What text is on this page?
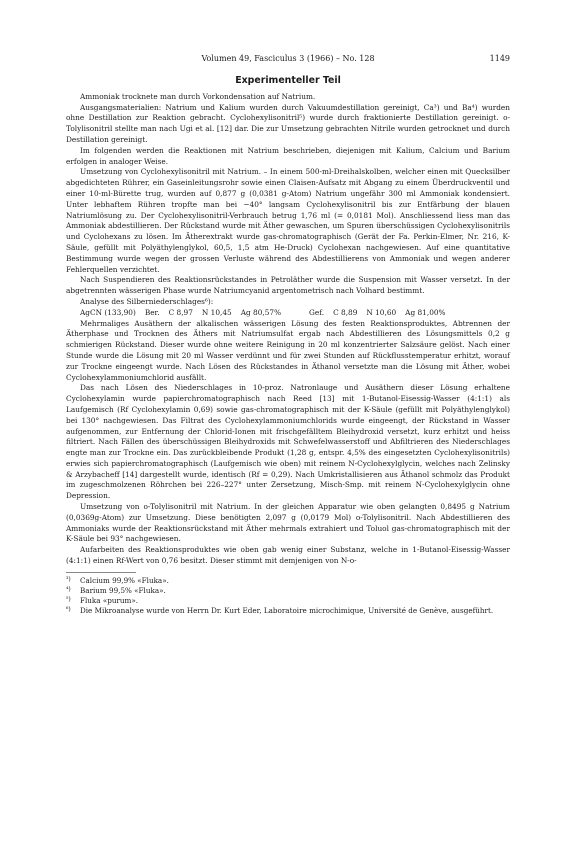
Volumen 49, Fasciculus 3 (1966) – No. 128	1149
Experimenteller Teil

Ammoniak trocknete man durch Vorkondensation auf Natrium.

Ausgangsmaterialien: Natrium und Kalium wurden durch Vakuumdestillation gereinigt, Ca³) und Ba⁴) wurden ohne Destillation zur Reaktion gebracht. Cyclohexylisonitril⁵) wurde durch fraktionierte Destillation gereinigt. o-Tolylisonitril stellte man nach Ugi et al. [12] dar. Die zur Umsetzung gebrachten Nitrile wurden getrocknet und durch Destillation gereinigt.

Im folgenden werden die Reaktionen mit Natrium beschrieben, diejenigen mit Kalium, Calcium und Barium erfolgen in analoger Weise.

Umsetzung von Cyclohexylisonitril mit Natrium. – In einem 500-ml-Dreihalskolben, welcher einen mit Quecksilber abgedichteten Rührer, ein Gaseinleitungsrohr sowie einen Claisen-Aufsatz mit Abgang zu einem Überdruckventil und einer 10-ml-Bürette trug, wurden auf 0,877 g (0,0381 g-Atom) Natrium ungefähr 300 ml Ammoniak kondensiert. Unter lebhaftem Rühren tropfte man bei −40° langsam Cyclohexylisonitril bis zur Entfärbung der blauen Natriumlösung zu. Der Cyclohexylisonitril-Verbrauch betrug 1,76 ml (= 0,0181 Mol). Anschliessend liess man das Ammoniak abdestillieren. Der Rückstand wurde mit Äther gewaschen, um Spuren überschüssigen Cyclohexylisonitrils und Cyclohexans zu lösen. Im Ätherextrakt wurde gas-chromatographisch (Gerät der Fa. Perkin-Elmer, Nr. 216, K-Säule, gefüllt mit Polyäthylenglykol, 60,5, 1,5 atm He-Druck) Cyclohexan nachgewiesen. Auf eine quantitative Bestimmung wurde wegen der grossen Verluste während des Abdestillierens von Ammoniak und wegen anderer Fehlerquellen verzichtet.

Nach Suspendieren des Reaktionsrückstandes in Petroläther wurde die Suspension mit Wasser versetzt. In der abgetrennten wässerigen Phase wurde Natriumcyanid argentometrisch nach Volhard bestimmt.

Analyse des Silberniederschlages⁶):

AgCN (133,90) Ber. C 8,97 N 10,45 Ag 80,57%	Gef. C 8,89 N 10,60 Ag 81,00%

Mehrmaliges Ausäthern der alkalischen wässerigen Lösung des festen Reaktionsproduktes, Abtrennen der Ätherphase und Trocknen des Äthers mit Natriumsulfat ergab nach Abdestillieren des Lösungsmittels 0,2 g schmierigen Rückstand. Dieser wurde ohne weitere Reinigung in 20 ml konzentrierter Salzsäure gelöst. Nach einer Stunde wurde die Lösung mit 20 ml Wasser verdünnt und für zwei Stunden auf Rückflusstemperatur erhitzt, worauf zur Trockne eingeengt wurde. Nach Lösen des Rückstandes in Äthanol versetzte man die Lösung mit Äther, wobei Cyclohexylammoniumchlorid ausfällt.

Das nach Lösen des Niederschlages in 10-proz. Natronlauge und Ausäthern dieser Lösung erhaltene Cyclohexylamin wurde papierchromatographisch nach Reed [13] mit 1-Butanol-Eisessig-Wasser (4:1:1) als Laufgemisch (Rf Cyclohexylamin 0,69) sowie gas-chromatographisch mit der K-Säule (gefüllt mit Polyäthylenglykol) bei 130° nachgewiesen. Das Filtrat des Cyclohexylammoniumchlorids wurde eingeengt, der Rückstand in Wasser aufgenommen, zur Entfernung der Chlorid-Ionen mit frischgefälltem Bleihydroxid versetzt, kurz erhitzt und heiss filtriert. Nach Fällen des überschüssigen Bleihydroxids mit Schwefelwasserstoff und Abfiltrieren des Niederschlages engte man zur Trockne ein. Das zurückbleibende Produkt (1,28 g, entspr. 4,5% des eingesetzten Cyclohexylisonitrils) erwies sich papierchromatographisch (Laufgemisch wie oben) mit reinem N-Cyclohexylglycin, welches nach Zelinsky & Arzybacheff [14] dargestellt wurde, identisch (Rf = 0,29). Nach Umkristallisieren aus Äthanol schmolz das Produkt im zugeschmolzenen Röhrchen bei 226–227° unter Zersetzung, Misch-Smp. mit reinem N-Cyclohexylglycin ohne Depression.

Umsetzung von o-Tolylisonitril mit Natrium. In der gleichen Apparatur wie oben gelangten 0,8495 g Natrium (0,0369g-Atom) zur Umsetzung. Diese benötigten 2,097 g (0,0179 Mol) o-Tolylisonitril. Nach Abdestillieren des Ammoniaks wurde der Reaktionsrückstand mit Äther mehrmals extrahiert und Toluol gas-chromatographisch mit der K-Säule bei 93° nachgewiesen.

Aufarbeiten des Reaktionsproduktes wie oben gab wenig einer Substanz, welche in 1-Butanol-Eisessig-Wasser (4:1:1) einen Rf-Wert von 0,76 besitzt. Dieser stimmt mit demjenigen von N-o-

³)	Calcium 99,9% «Fluka».
⁴)	Barium 99,5% «Fluka».
⁵)	Fluka «purum».
⁶)	Die Mikroanalyse wurde von Herrn Dr. Kurt Eder, Laboratoire microchimique, Université de Genève, ausgeführt.
